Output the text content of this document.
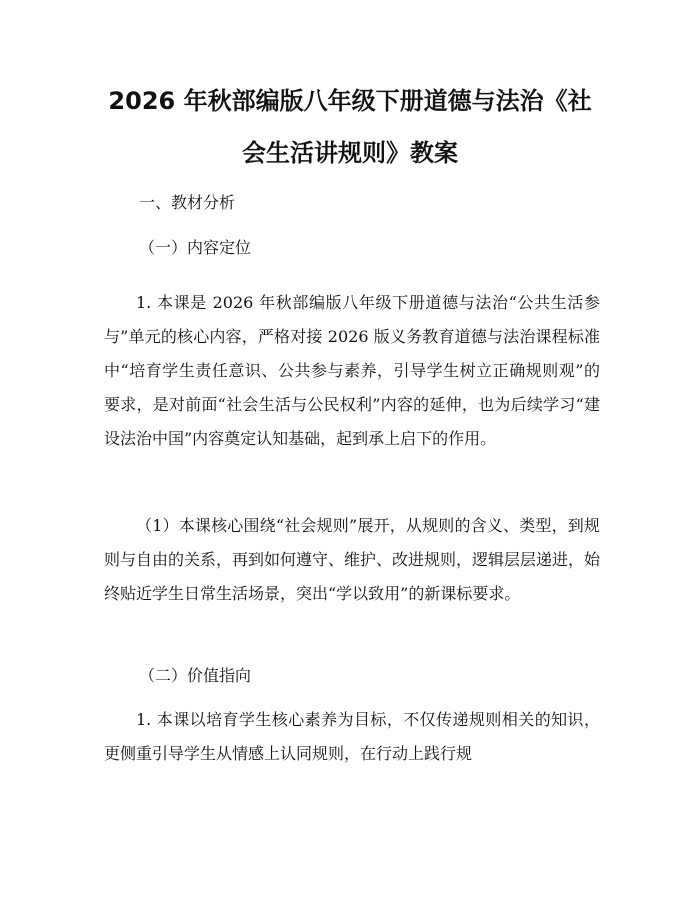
2026 年秋部编版八年级下册道德与法治《社
会生活讲规则》教案
一、教材分析
（一）内容定位

1. 本课是 2026 年秋部编版八年级下册道德与法治“公共生活参与”单元的核心内容，严格对接 2026 版义务教育道德与法治课程标准中“培育学生责任意识、公共参与素养，引导学生树立正确规则观”的要求，是对前面“社会生活与公民权利”内容的延伸，也为后续学习“建设法治中国”内容奠定认知基础，起到承上启下的作用。

（1）本课核心围绕“社会规则”展开，从规则的含义、类型，到规则与自由的关系，再到如何遵守、维护、改进规则，逻辑层层递进，始终贴近学生日常生活场景，突出“学以致用”的新课标要求。

（二）价值指向

1. 本课以培育学生核心素养为目标，不仅传递规则相关的知识，更侧重引导学生从情感上认同规则，在行动上践行规
